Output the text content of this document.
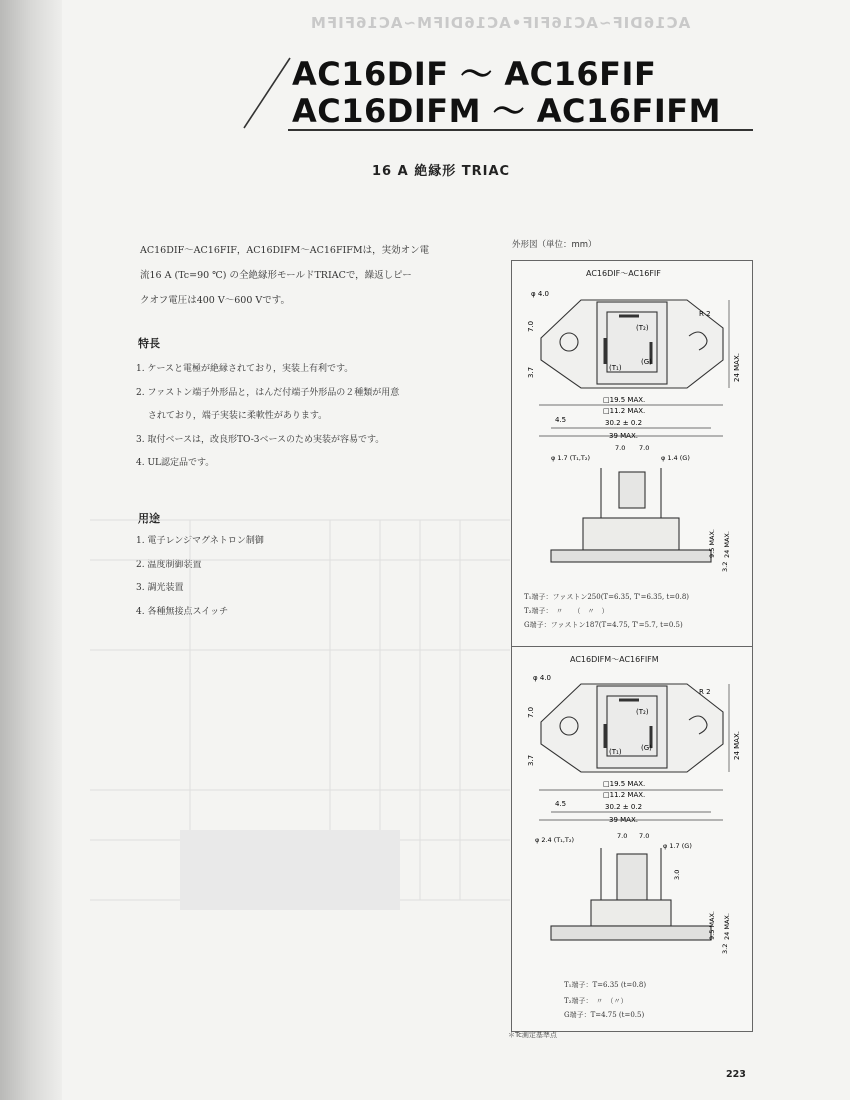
AC16DIF~AC16FIF•AC16DIFM~AC16FIFM
AC16DIF ～ AC16FIF
AC16DIFM ～ AC16FIFM
16 A 絶縁形 TRIAC
AC16DIF～AC16FIF，AC16DIFM～AC16FIFMは，実効オン電
流16 A (Tc=90 ℃) の全絶縁形モールドTRIACで，繰返しピー
クオフ電圧は400 V～600 Vです。
特長
1. ケースと電極が絶縁されており，実装上有利です。
2. ファストン端子外形品と，はんだ付端子外形品の２種類が用意
　 されており，端子実装に柔軟性があります。
3. 取付ベースは，改良形TO-3ベースのため実装が容易です。
4. UL認定品です。
用途
1. 電子レンジマグネトロン制御
2. 温度制御装置
3. 調光装置
4. 各種無接点スイッチ
外形図（単位：mm）
AC16DIF～AC16FIF
AC16DIFM～AC16FIFM
(T₂)
(T₁)
(G)
φ 4.0
R 2
7.0
3.7	24 MAX.
□19.5 MAX.
□11.2 MAX.
30.2 ± 0.2
39 MAX.
4.5
φ 1.7 (T₁,T₂)	φ 1.4 (G)
7.0 7.0
9.5 MAX. 24 MAX.
3.2
(T₂)
(T₁)	(G)
φ 4.0
R 2
7.0
3.7
24 MAX.
□19.5 MAX.
□11.2 MAX.
30.2 ± 0.2
39 MAX.
4.5
φ 2.4 (T₁,T₂)
φ 1.7 (G)
7.0 7.0
3.0
9.5 MAX. 24 MAX.
3.2
T₁端子：ファストン250(T=6.35, T'=6.35, t=0.8)
T₂端子：　〃　　（　〃　）
G端子：ファストン187(T=4.75, T'=5.7, t=0.5)
T₁端子：T=6.35 (t=0.8)
T₂端子：　〃　（〃）
G端子：T=4.75 (t=0.5)
＊Tc測定基準点
223
